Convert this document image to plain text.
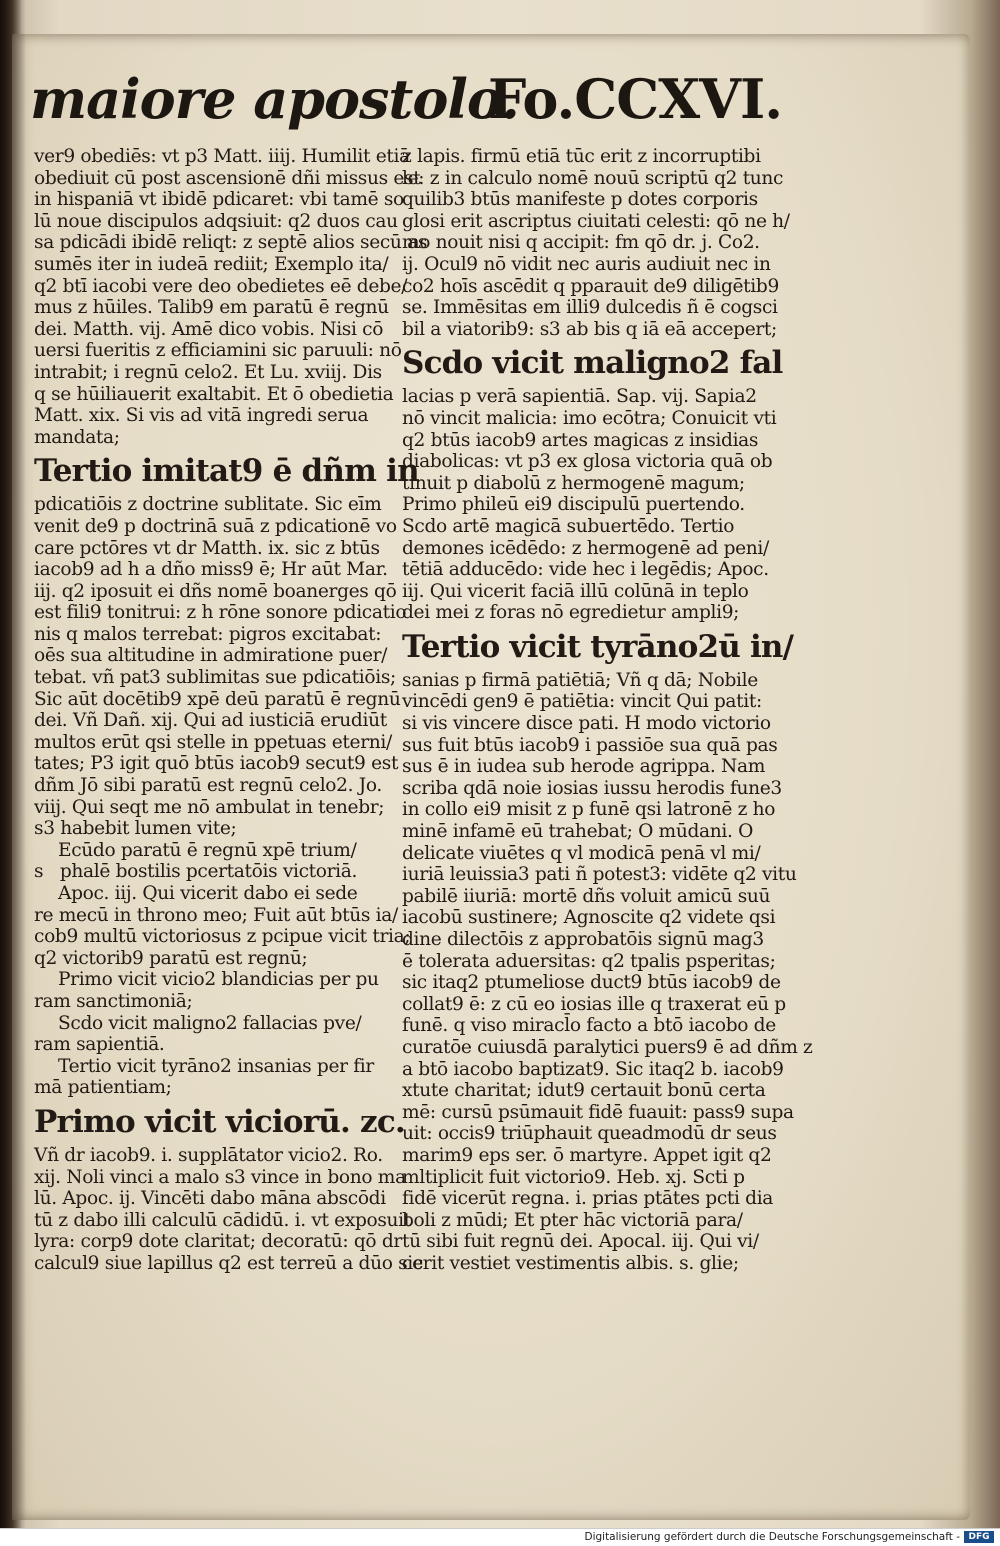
maiore apostolo.
Fo.CCXVI.
ver9 obediēs: vt p3 Matt. iiij. Humilit etiā
obediuit cū post ascensionē dñi missus est
in hispaniā vt ibidē pdicaret: vbi tamē so
lū noue discipulos adqsiuit: q2 duos cau
sa pdicādi ibidē reliqt: z septē alios secū as
sumēs iter in iudeā rediit; Exemplo ita/
q2 btī iacobi vere deo obedietes eē debe/
mus z hūiles. Talib9 em paratū ē regnū
dei. Matth. vij. Amē dico vobis. Nisi cō
uersi fueritis z efficiamini sic paruuli: nō
intrabit; i regnū celo2. Et Lu. xviij. Dis
q se hūiliauerit exaltabit. Et ō obedietia
Matt. xix. Si vis ad vitā ingredi serua
mandata;
Tertio imitat9 ē dñm in
pdicatiōis z doctrine sublitate. Sic eīm
venit de9 p doctrinā suā z pdicationē vo
care pctōres vt dr Matth. ix. sic z btūs
iacob9 ad h a dño miss9 ē; Hr aūt Mar.
iij. q2 iposuit ei dñs nomē boanerges qō
est fili9 tonitrui: z h rōne sonore pdicatio
nis q malos terrebat: pigros excitabat:
oēs sua altitudine in admiratione puer/
tebat. vñ pat3 sublimitas sue pdicatiōis;
Sic aūt docētib9 xpē deū paratū ē regnū
dei. Vñ Dañ. xij. Qui ad iusticiā erudiūt
multos erūt qsi stelle in ppetuas eterni/
tates; P3 igit quō btūs iacob9 secut9 est
dñm Jō sibi paratū est regnū celo2. Jo.
viij. Qui seqt me nō ambulat in tenebr;
s3 habebit lumen vite;
Ecūdo paratū ē regnū xpē trium/
s   phalē bostilis pcertatōis victoriā.
Apoc. iij. Qui vicerit dabo ei sede
re mecū in throno meo; Fuit aūt btūs ia/
cob9 multū victoriosus z pcipue vicit tria;
q2 victorib9 paratū est regnū;
Primo vicit vicio2 blandicias per pu
ram sanctimoniā;
Scdo vicit maligno2 fallacias pve/
ram sapientiā.
Tertio vicit tyrāno2 insanias per fir
mā patientiam;
Primo vicit viciorū. zc.
Vñ dr iacob9. i. supplātator vicio2. Ro.
xij. Noli vinci a malo s3 vince in bono ma
lū. Apoc. ij. Vincēti dabo māna abscōdi
tū z dabo illi calculū cādidū. i. vt exposuit
lyra: corp9 dote claritat; decoratū: qō dr
calcul9 siue lapillus q2 est terreū a dūo sic
z lapis. firmū etiā tūc erit z incorruptibi
le: z in calculo nomē nouū scriptū q2 tunc
quilib3 btūs manifeste p dotes corporis
glosi erit ascriptus ciuitati celesti: qō ne h/
mo nouit nisi q accipit: fm qō dr. j. Co2.
ij. Ocul9 nō vidit nec auris audiuit nec in
co2 hoīs ascēdit q pparauit de9 diligētib9
se. Immēsitas em illi9 dulcedis ñ ē cogsci
bil a viatorib9: s3 ab bis q iā eā accepert;
Scdo vicit maligno2 fal
lacias p verā sapientiā. Sap. vij. Sapia2
nō vincit malicia: imo ecōtra; Conuicit vti
q2 btūs iacob9 artes magicas z insidias
diabolicas: vt p3 ex glosa victoria quā ob
tinuit p diabolū z hermogenē magum;
Primo phileū ei9 discipulū puertendo.
Scdo artē magicā subuertēdo. Tertio
demones icēdēdo: z hermogenē ad peni/
tētiā adducēdo: vide hec i legēdis; Apoc.
iij. Qui vicerit faciā illū colūnā in teplo
dei mei z foras nō egredietur ampli9;
Tertio vicit tyrāno2ū in/
sanias p firmā patiētiā; Vñ q dā; Nobile
vincēdi gen9 ē patiētia: vincit Qui patit:
si vis vincere disce pati. H modo victorio
sus fuit btūs iacob9 i passiōe sua quā pas
sus ē in iudea sub herode agrippa. Nam
scriba qdā noie iosias iussu herodis fune3
in collo ei9 misit z p funē qsi latronē z ho
minē infamē eū trahebat; O mūdani. O
delicate viuētes q vl modicā penā vl mi/
iuriā leuissia3 pati ñ potest3: vidēte q2 vitu
pabilē iiuriā: mortē dñs voluit amicū suū
iacobū sustinere; Agnoscite q2 videte qsi
dine dilectōis z approbatōis signū mag3
ē tolerata aduersitas: q2 tpalis psperitas;
sic itaq2 ptumeliose duct9 btūs iacob9 de
collat9 ē: z cū eo iosias ille q traxerat eū p
funē. q viso miracl̄o facto a btō iacobo de
curatōe cuiusdā paralytici puers9 ē ad dñm z
a btō iacobo baptizat9. Sic itaq2 b. iacob9
xtute charitat; idut9 certauit bonū certa
mē: cursū psūmauit fidē fuauit: pass9 supa
uit: occis9 triūphauit queadmodū dr seus
marim9 eps ser. ō martyre. Appet igit q2
mltiplicit fuit victorio9. Heb. xj. Scti p
fidē vicerūt regna. i. prias ptātes pcti dia
boli z mūdi; Et pter hāc victoriā para/
tū sibi fuit regnū dei. Apocal. iij. Qui vi/
cerit vestiet vestimentis albis. s. glie;
Digitalisierung gefördert durch die Deutsche Forschungsgemeinschaft - DFG
